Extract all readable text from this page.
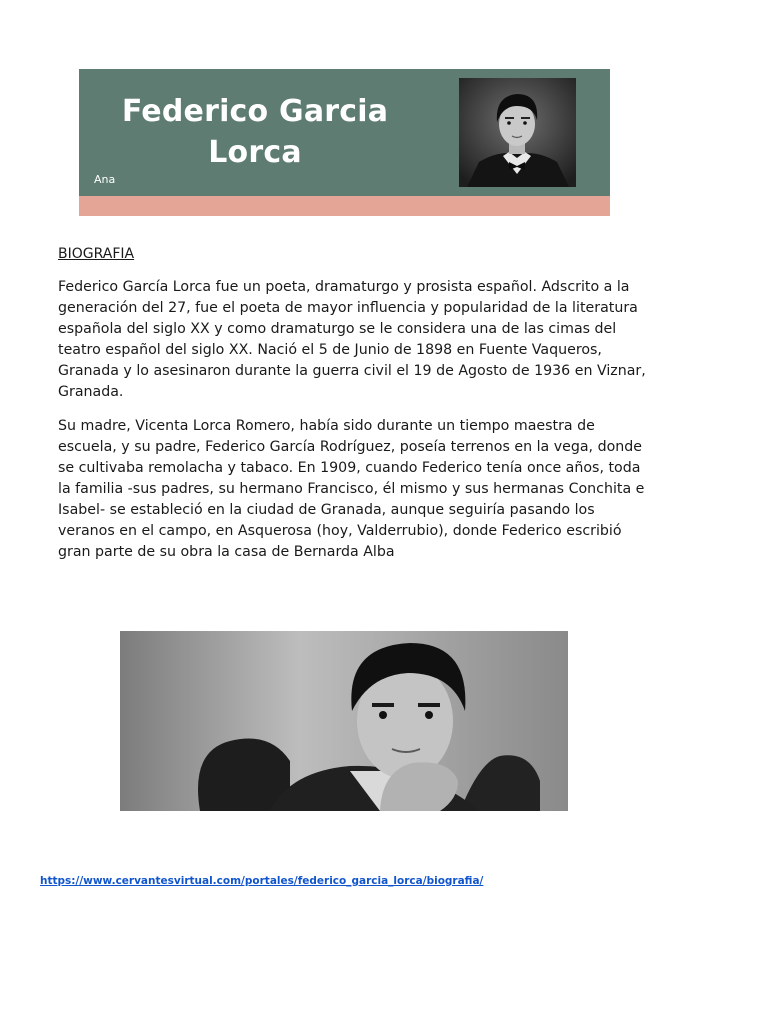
Federico Garcia Lorca
Ana
BIOGRAFIA

Federico García Lorca fue un poeta, dramaturgo y prosista español. Adscrito a la generación del 27, fue el poeta de mayor influencia y popularidad de la literatura española del siglo XX y como dramaturgo se le considera una de las cimas del teatro español del siglo XX. Nació el 5 de Junio de 1898 en Fuente Vaqueros, Granada y lo asesinaron durante la guerra civil el 19 de Agosto de 1936 en Viznar, Granada.

Su madre, Vicenta Lorca Romero, había sido durante un tiempo maestra de escuela, y su padre, Federico García Rodríguez, poseía terrenos en la vega, donde se cultivaba remolacha y tabaco. En 1909, cuando Federico tenía once años, toda la familia -sus padres, su hermano Francisco, él mismo y sus hermanas Conchita e Isabel- se estableció en la ciudad de Granada, aunque seguiría pasando los veranos en el campo, en Asquerosa (hoy, Valderrubio), donde Federico escribió gran parte de su obra la casa de Bernarda Alba

https://www.cervantesvirtual.com/portales/federico_garcia_lorca/biografia/
